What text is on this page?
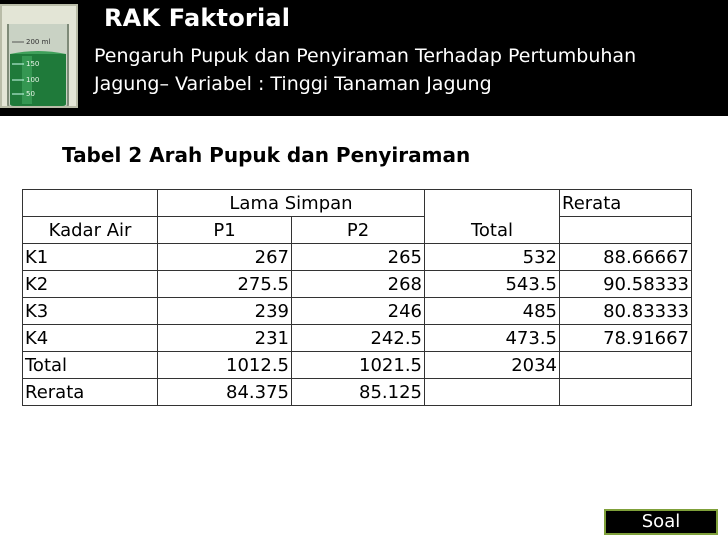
200 ml
150
100
50
RAK Faktorial
Pengaruh Pupuk dan Penyiraman Terhadap Pertumbuhan Jagung– Variabel : Tinggi Tanaman Jagung
Tabel 2 Arah Pupuk dan Penyiraman
	Lama Simpan		Total	Rerata
Kadar Air	P1	P2		
K1	267	265	532	88.66667
K2	275.5	268	543.5	90.58333
K3	239	246	485	80.83333
K4	231	242.5	473.5	78.91667
Total	1012.5	1021.5	2034	
Rerata	84.375	85.125		
Soal
